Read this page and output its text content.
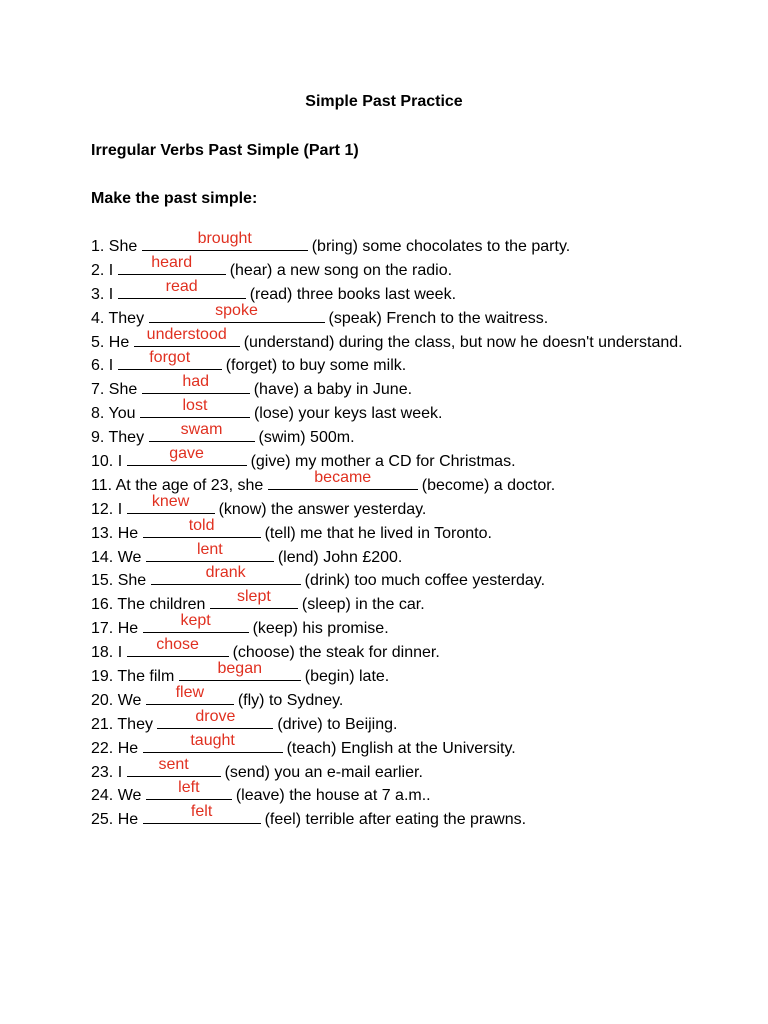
Simple Past Practice
Irregular Verbs Past Simple (Part 1)
Make the past simple:
1. She	brought	(bring) some chocolates to the party.
2. I	heard	(hear) a new song on the radio.
3. I	read	(read) three books last week.
4. They	spoke	(speak) French to the waitress.
5. He understood	(understand) during the class, but now he doesn't understand.
6. I	forgot	(forget) to buy some milk.
7. She	had	(have) a baby in June.
8. You	lost	(lose) your keys last week.
9. They	swam	(swim) 500m.
10. I	gave	(give) my mother a CD for Christmas.
11. At the age of 23, she	became	(become) a doctor.
12. I	knew	(know) the answer yesterday.
13. He	told	(tell) me that he lived in Toronto.
14. We	lent	(lend) John £200.
15. She	drank	(drink) too much coffee yesterday.
16. The children	slept	(sleep) in the car.
17. He	kept	(keep) his promise.
18. I	chose	(choose) the steak for dinner.
19. The film	began	(begin) late.
20. We	flew	(fly) to Sydney.
21. They	drove	(drive) to Beijing.
22. He	taught	(teach) English at the University.
23. I	sent	(send) you an e-mail earlier.
24. We	left	(leave) the house at 7 a.m..
25. He	felt	(feel) terrible after eating the prawns.
